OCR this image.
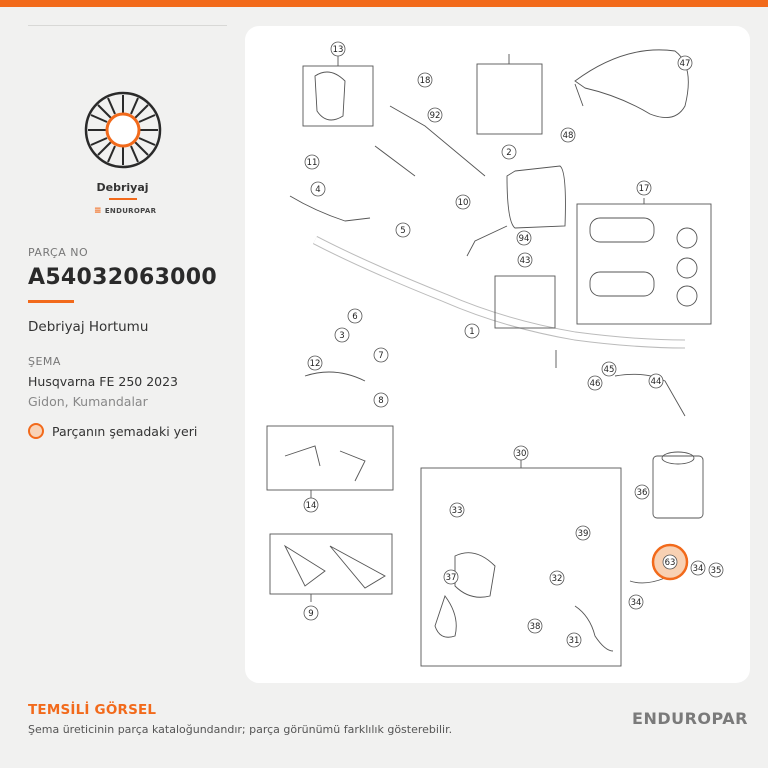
Debriyaj
≡ ENDUROPAR
PARÇA NO
A54032063000
Debriyaj Hortumu
ŞEMA
Husqvarna FE 250 2023
Gidon, Kumandalar
Parçanın şemadaki yeri
13
18
92
2
47
48
11
4
10
5
17
94
43
1
6
3
7
12
8
45
46	44
14
30
36
33
39
63
34 35
34
37	32
9
38
31
TEMSİLİ GÖRSEL
Şema üreticinin parça kataloğundandır; parça görünümü farklılık gösterebilir.
ENDUROPAR
